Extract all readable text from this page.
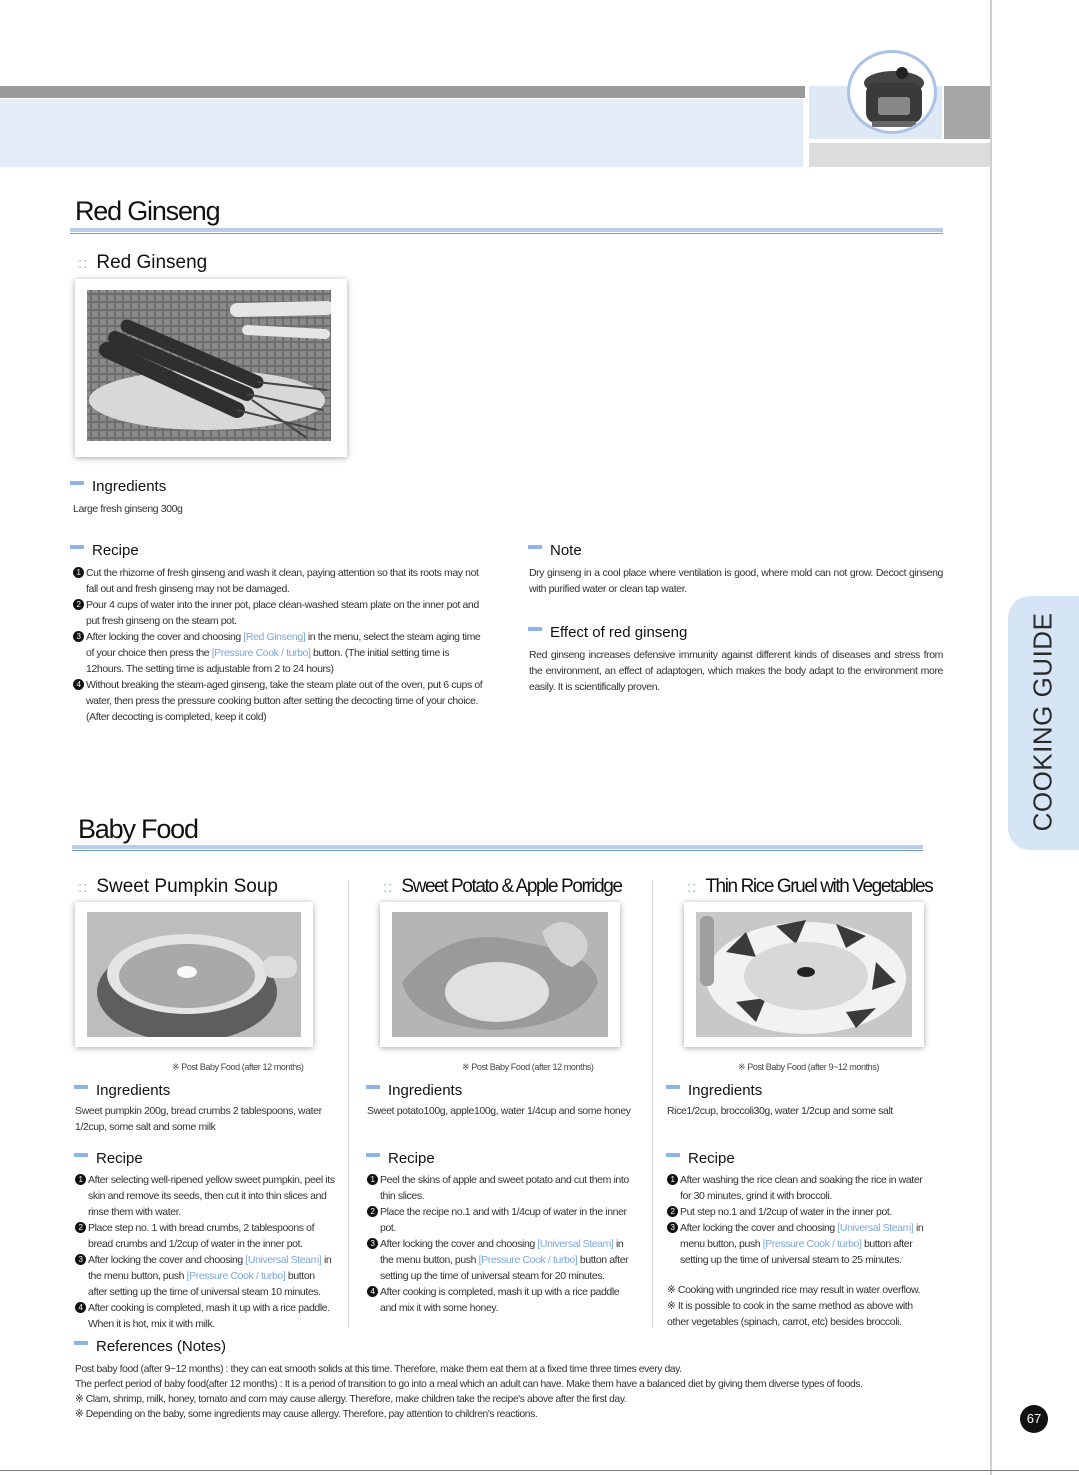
COOKING GUIDE
Red Ginseng
:: Red Ginseng
Ingredients
Large fresh ginseng 300g
Recipe
1 Cut the rhizome of fresh ginseng and wash it clean, paying attention so that its roots may not fall out and fresh ginseng may not be damaged.
2 Pour 4 cups of water into the inner pot, place clean-washed steam plate on the inner pot and put fresh ginseng on the steam pot.
3 After locking the cover and choosing [Red Ginseng] in the menu, select the steam aging time of your choice then press the [Pressure Cook / turbo] button. (The initial setting time is 12hours. The setting time is adjustable from 2 to 24 hours)
4 Without breaking the steam-aged ginseng, take the steam plate out of the oven, put 6 cups of water, then press the pressure cooking button after setting the decocting time of your choice. (After decocting is completed, keep it cold)
Note
Dry ginseng in a cool place where ventilation is good, where mold can not grow. Decoct ginseng with purified water or clean tap water.
Effect of red ginseng
Red ginseng increases defensive immunity against different kinds of diseases and stress from the environment, an effect of adaptogen, which makes the body adapt to the environment more easily. It is scientifically proven.
Baby Food
:: Sweet Pumpkin Soup
※ Post Baby Food (after 12 months)
Ingredients
Sweet pumpkin 200g, bread crumbs 2 tablespoons, water 1/2cup, some salt and some milk
Recipe
1 After selecting well-ripened yellow sweet pumpkin, peel its skin and remove its seeds, then cut it into thin slices and rinse them with water.
2 Place step no. 1 with bread crumbs, 2 tablespoons of bread crumbs and 1/2cup of water in the inner pot.
3 After locking the cover and choosing [Universal Steam] in the menu button, push [Pressure Cook / turbo] button after setting up the time of universal steam 10 minutes.
4 After cooking is completed, mash it up with a rice paddle. When it is hot, mix it with milk.
:: Sweet Potato & Apple Porridge
※ Post Baby Food (after 12 months)
Ingredients
Sweet potato100g, apple100g, water 1/4cup and some honey
Recipe
1 Peel the skins of apple and sweet potato and cut them into thin slices.
2 Place the recipe no.1 and with 1/4cup of water in the inner pot.
3 After locking the cover and choosing [Universal Steam] in the menu button, push [Pressure Cook / turbo] button after setting up the time of universal steam for 20 minutes.
4 After cooking is completed, mash it up with a rice paddle and mix it with some honey.
:: Thin Rice Gruel with Vegetables
※ Post Baby Food (after 9~12 months)
Ingredients
Rice1/2cup, broccoli30g, water 1/2cup and some salt
Recipe
1 After washing the rice clean and soaking the rice in water for 30 minutes, grind it with broccoli.
2 Put step no.1 and 1/2cup of water in the inner pot.
3 After locking the cover and choosing [Universal Steam] in menu button, push [Pressure Cook / turbo] button after setting up the time of universal steam to 25 minutes.
※ Cooking with ungrinded rice may result in water overflow.
※ It is possible to cook in the same method as above with other vegetables (spinach, carrot, etc) besides broccoli.
References (Notes)
Post baby food (after 9~12 months) : they can eat smooth solids at this time. Therefore, make them eat them at a fixed time three times every day.
The perfect period of baby food(after 12 months) : It is a period of transition to go into a meal which an adult can have. Make them have a balanced diet by giving them diverse types of foods.
※ Clam, shrimp, milk, honey, tomato and corn may cause allergy. Therefore, make children take the recipe's above after the first day.
※ Depending on the baby, some ingredients may cause allergy. Therefore, pay attention to children's reactions.	67
